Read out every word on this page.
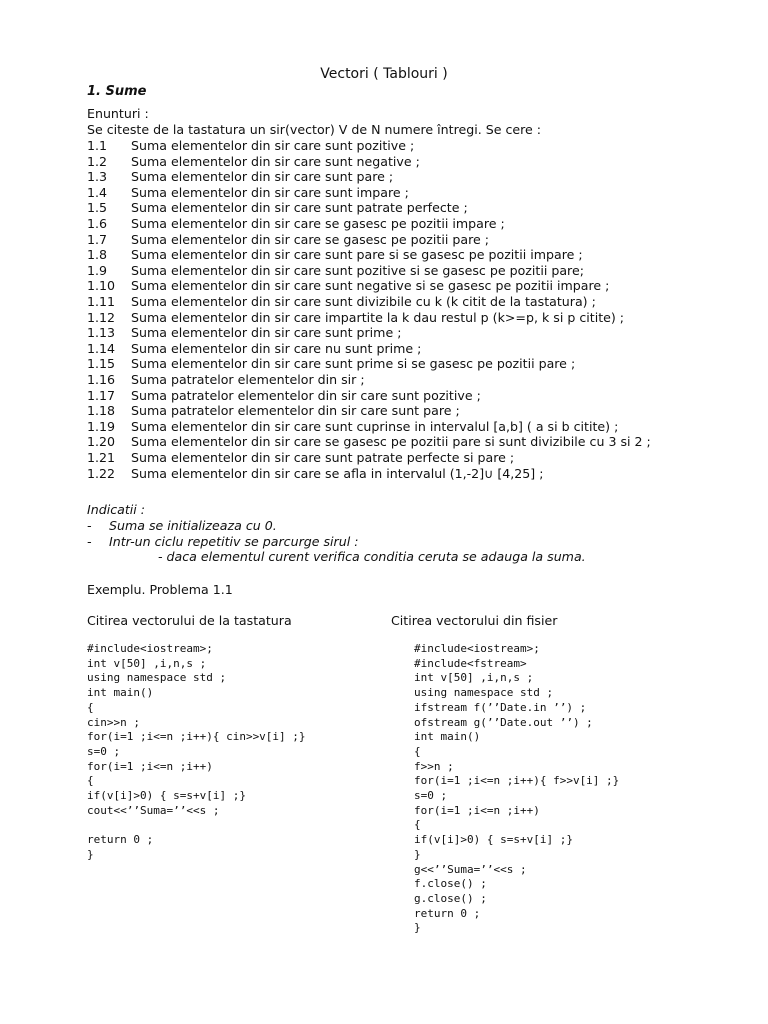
Vectori ( Tablouri )
1. Sume
Enunturi :
Se citeste de la tastatura un sir(vector) V de N numere întregi. Se cere :
1.1 Suma elementelor din sir care sunt pozitive ;
1.2 Suma elementelor din sir care sunt negative ;
1.3 Suma elementelor din sir care sunt pare ;
1.4 Suma elementelor din sir care sunt impare ;
1.5 Suma elementelor din sir care sunt patrate perfecte ;
1.6 Suma elementelor din sir care se gasesc pe pozitii impare ;
1.7 Suma elementelor din sir care se gasesc pe pozitii pare ;
1.8 Suma elementelor din sir care sunt pare si se gasesc pe pozitii impare ;
1.9 Suma elementelor din sir care sunt pozitive si se gasesc pe pozitii pare;
1.10 Suma elementelor din sir care sunt negative si se gasesc pe pozitii impare ;
1.11 Suma elementelor din sir care sunt divizibile cu k (k citit de la tastatura) ;
1.12 Suma elementelor din sir care impartite la k dau restul p (k>=p, k si p citite) ;
1.13 Suma elementelor din sir care sunt prime ;
1.14 Suma elementelor din sir care nu sunt prime ;
1.15 Suma elementelor din sir care sunt prime si se gasesc pe pozitii pare ;
1.16 Suma patratelor elementelor din sir ;
1.17 Suma patratelor elementelor din sir care sunt pozitive ;
1.18 Suma patratelor elementelor din sir care sunt pare ;
1.19 Suma elementelor din sir care sunt cuprinse in intervalul [a,b] ( a si b citite) ;
1.20 Suma elementelor din sir care se gasesc pe pozitii pare si sunt divizibile cu 3 si 2 ;
1.21 Suma elementelor din sir care sunt patrate perfecte si pare ;
1.22 Suma elementelor din sir care se afla in intervalul (1,-2]∪ [4,25] ;
Indicatii :
- Suma se initializeaza cu 0.
- Intr-un ciclu repetitiv se parcurge sirul :
- daca elementul curent verifica conditia ceruta se adauga la suma.
Exemplu. Problema 1.1
Citirea vectorului de la tastatura	Citirea vectorului din fisier
#include<iostream>;
int v[50] ,i,n,s ;
using namespace std ;
int main()
{
cin>>n ;
for(i=1 ;i<=n ;i++){ cin>>v[i] ;}
s=0 ;
for(i=1 ;i<=n ;i++)
{
if(v[i]>0) { s=s+v[i] ;}
cout<<’’Suma=’’<<s ;

return 0 ;
}
#include<iostream>;
#include<fstream>
int v[50] ,i,n,s ;
using namespace std ;
ifstream f(’’Date.in ’’) ;
ofstream g(’’Date.out ’’) ;
int main()
{
f>>n ;
for(i=1 ;i<=n ;i++){ f>>v[i] ;}
s=0 ;
for(i=1 ;i<=n ;i++)
{
if(v[i]>0) { s=s+v[i] ;}
}
g<<’’Suma=’’<<s ;
f.close() ;
g.close() ;
return 0 ;
}
